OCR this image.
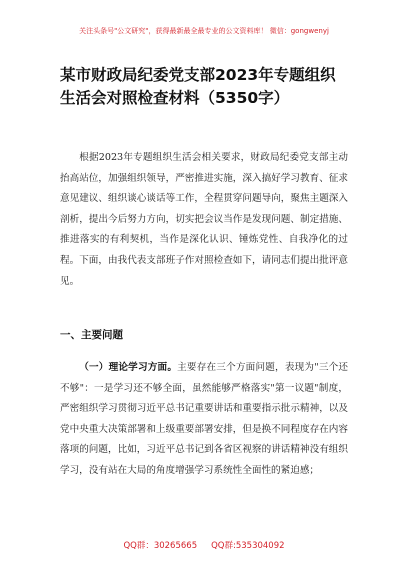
关注头条号"公文研究"，获得最新最全最专业的公文资料库！ 微信：gongwenyj
某市财政局纪委党支部2023年专题组织生活会对照检查材料（5350字）

根据2023年专题组织生活会相关要求，财政局纪委党支部主动抬高站位，加强组织领导，严密推进实施，深入搞好学习教育、征求意见建议、组织谈心谈话等工作，全程贯穿问题导向，聚焦主题深入剖析，提出今后努力方向，切实把会议当作是发现问题、制定措施、推进落实的有利契机，当作是深化认识、锤炼党性、自我净化的过程。下面，由我代表支部班子作对照检查如下，请同志们提出批评意见。

一、主要问题

（一）理论学习方面。主要存在三个方面问题，表现为"三个还不够"：一是学习还不够全面，虽然能够严格落实"第一议题"制度，严密组织学习贯彻习近平总书记重要讲话和重要指示批示精神，以及党中央重大决策部署和上级重要部署安排，但是换不同程度存在内容落项的问题，比如，习近平总书记到各省区视察的讲话精神没有组织学习，没有站在大局的角度增强学习系统性全面性的紧迫感；

QQ群：30265665 QQ群:535304092
